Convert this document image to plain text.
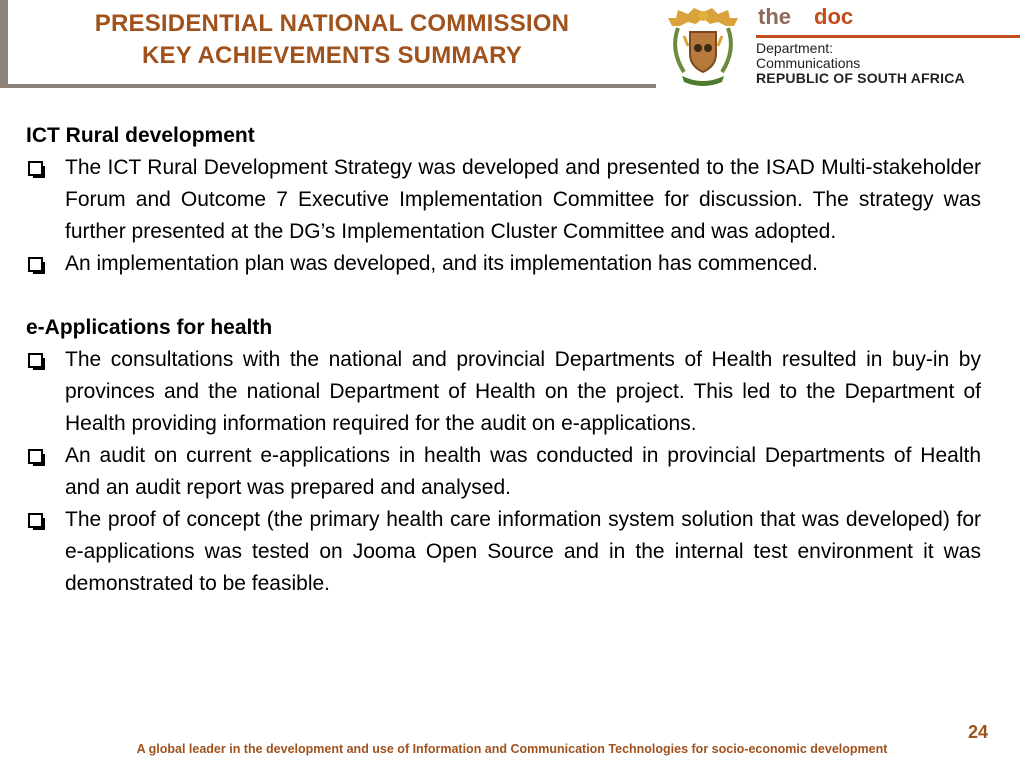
PRESIDENTIAL NATIONAL COMMISSION
KEY ACHIEVEMENTS SUMMARY
the doc
Department:
Communications
REPUBLIC OF SOUTH AFRICA

ICT Rural development

The ICT Rural Development Strategy was developed and presented to the ISAD Multi-stakeholder Forum and Outcome 7 Executive Implementation Committee for discussion. The strategy was further presented at the DG’s Implementation Cluster Committee and was adopted.
An implementation plan was developed, and its implementation has commenced.

e-Applications for health

The consultations with the national and provincial Departments of Health resulted in buy-in by provinces and the national Department of Health on the project. This led to the Department of Health providing information required for the audit on e-applications.
An audit on current e-applications in health was conducted in provincial Departments of Health and an audit report was prepared and analysed.
The proof of concept (the primary health care information system solution that was developed) for e-applications was tested on Jooma Open Source and in the internal test environment it was demonstrated to be feasible.
24
A global leader in the development and use of Information and Communication Technologies for socio-economic development
